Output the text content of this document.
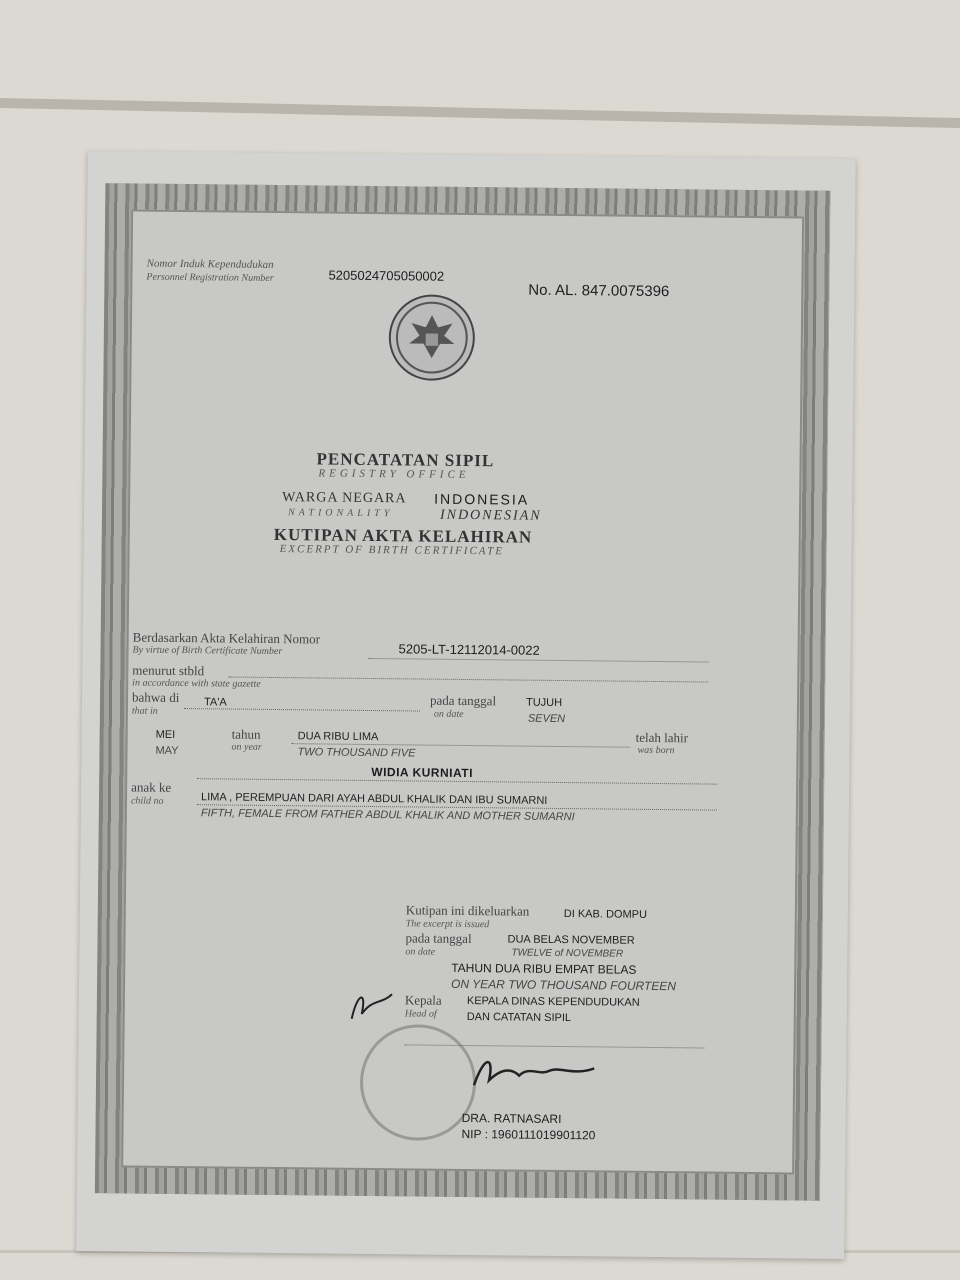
Nomor Induk Kependudukan
Personnel Registration Number	5205024705050002
No. AL. 847.0075396
PENCATATAN SIPIL
REGISTRY OFFICE
WARGA NEGARA
NATIONALITY
INDONESIA
INDONESIAN
KUTIPAN AKTA KELAHIRAN
EXCERPT OF BIRTH CERTIFICATE
Berdasarkan Akta Kelahiran Nomor
By virtue of Birth Certificate Number	5205-LT-12112014-0022
menurut stbld
in accordance with state gazette
bahwa di
that in
TA'A	pada tanggal
on date
TUJUH
SEVEN
MEI
MAY
tahun
on year
DUA RIBU LIMA
TWO THOUSAND FIVE
telah lahir
was born
WIDIA KURNIATI
anak ke
child no	LIMA , PEREMPUAN DARI AYAH ABDUL KHALIK DAN IBU SUMARNI
FIFTH, FEMALE FROM FATHER ABDUL KHALIK AND MOTHER SUMARNI
Kutipan ini dikeluarkan
The excerpt is issued
DI KAB. DOMPU
pada tanggal
on date
DUA BELAS NOVEMBER
TWELVE of NOVEMBER
TAHUN DUA RIBU EMPAT BELAS
ON YEAR TWO THOUSAND FOURTEEN
Kepala
Head of
KEPALA DINAS KEPENDUDUKAN
DAN CATATAN SIPIL
DRA. RATNASARI
NIP : 1960111019901120
